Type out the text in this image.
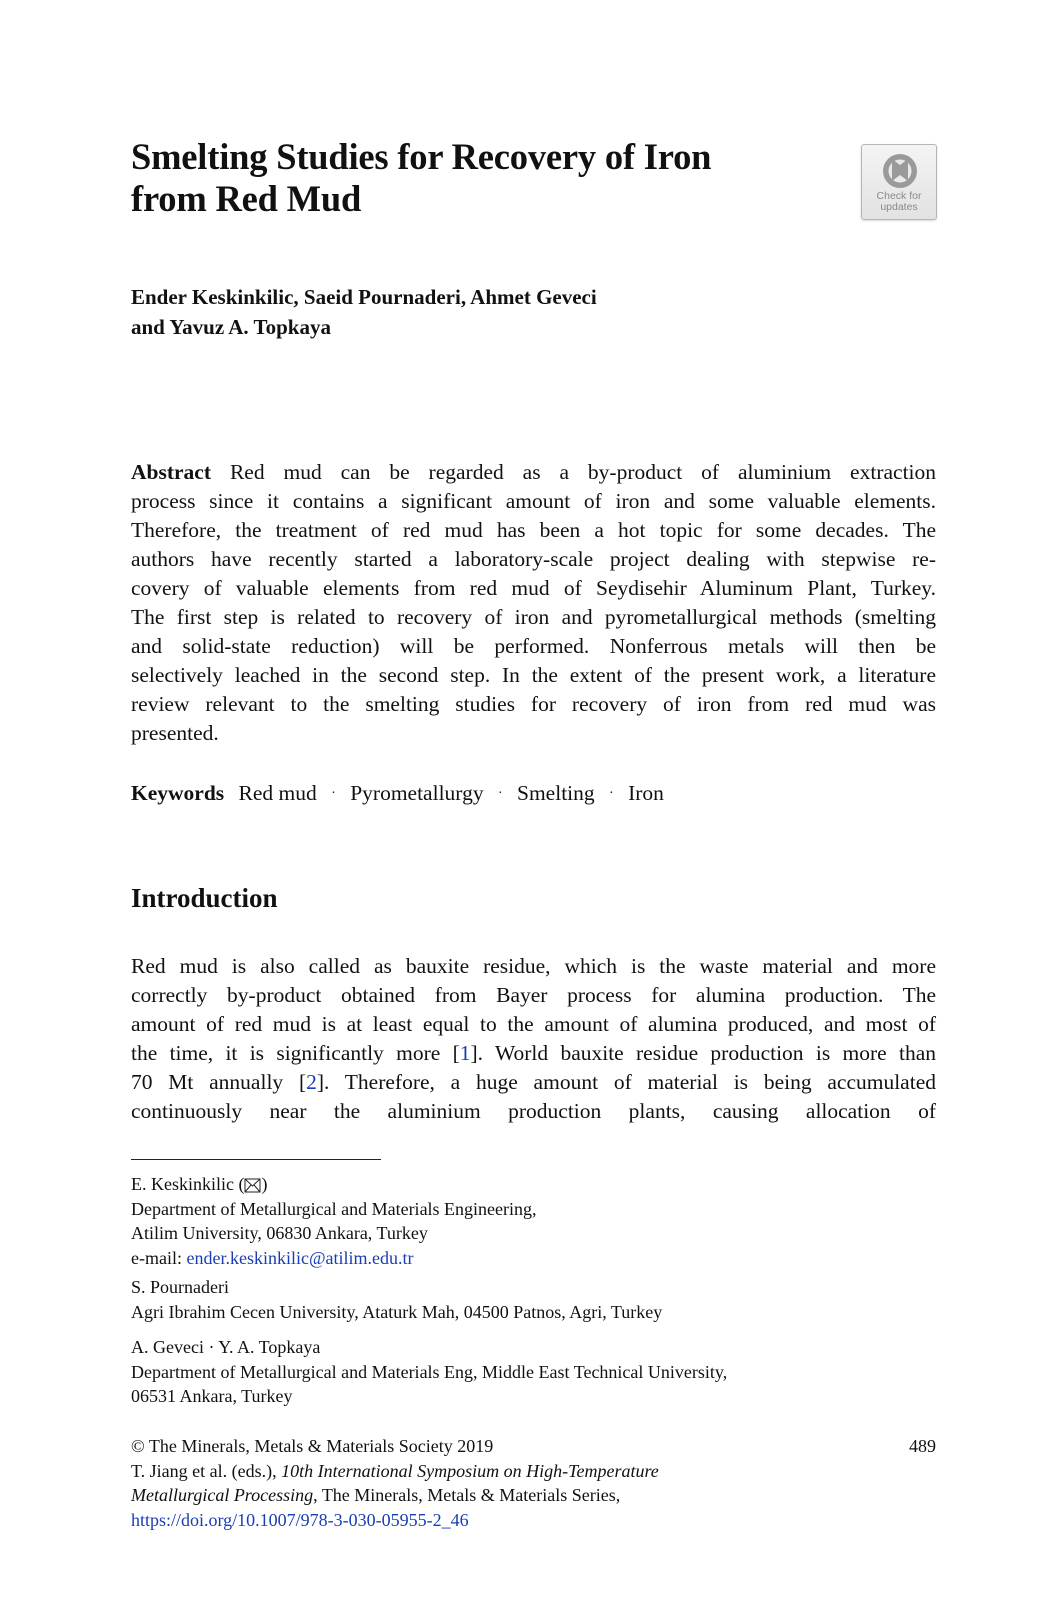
Smelting Studies for Recovery of Iron
from Red Mud	Check for
updates
Ender Keskinkilic, Saeid Pournaderi, Ahmet Geveci
and Yavuz A. Topkaya
Abstract Red mud can be regarded as a by-product of aluminium extraction
process since it contains a significant amount of iron and some valuable elements.
Therefore, the treatment of red mud has been a hot topic for some decades. The
authors have recently started a laboratory-scale project dealing with stepwise re-
covery of valuable elements from red mud of Seydisehir Aluminum Plant, Turkey.
The first step is related to recovery of iron and pyrometallurgical methods (smelting
and solid-state reduction) will be performed. Nonferrous metals will then be
selectively leached in the second step. In the extent of the present work, a literature
review relevant to the smelting studies for recovery of iron from red mud was
presented.
Keywords Red mud · Pyrometallurgy · Smelting · Iron
Introduction
Red mud is also called as bauxite residue, which is the waste material and more
correctly by-product obtained from Bayer process for alumina production. The
amount of red mud is at least equal to the amount of alumina produced, and most of
the time, it is significantly more [1]. World bauxite residue production is more than
70 Mt annually [2]. Therefore, a huge amount of material is being accumulated
continuously near the aluminium production plants, causing allocation of
E. Keskinkilic ( )
Department of Metallurgical and Materials Engineering,
Atilim University, 06830 Ankara, Turkey
e-mail: ender.keskinkilic@atilim.edu.tr
S. Pournaderi
Agri Ibrahim Cecen University, Ataturk Mah, 04500 Patnos, Agri, Turkey
A. Geveci · Y. A. Topkaya
Department of Metallurgical and Materials Eng, Middle East Technical University,
06531 Ankara, Turkey
489
© The Minerals, Metals & Materials Society 2019
T. Jiang et al. (eds.), 10th International Symposium on High-Temperature
Metallurgical Processing, The Minerals, Metals & Materials Series,
https://doi.org/10.1007/978-3-030-05955-2_46
